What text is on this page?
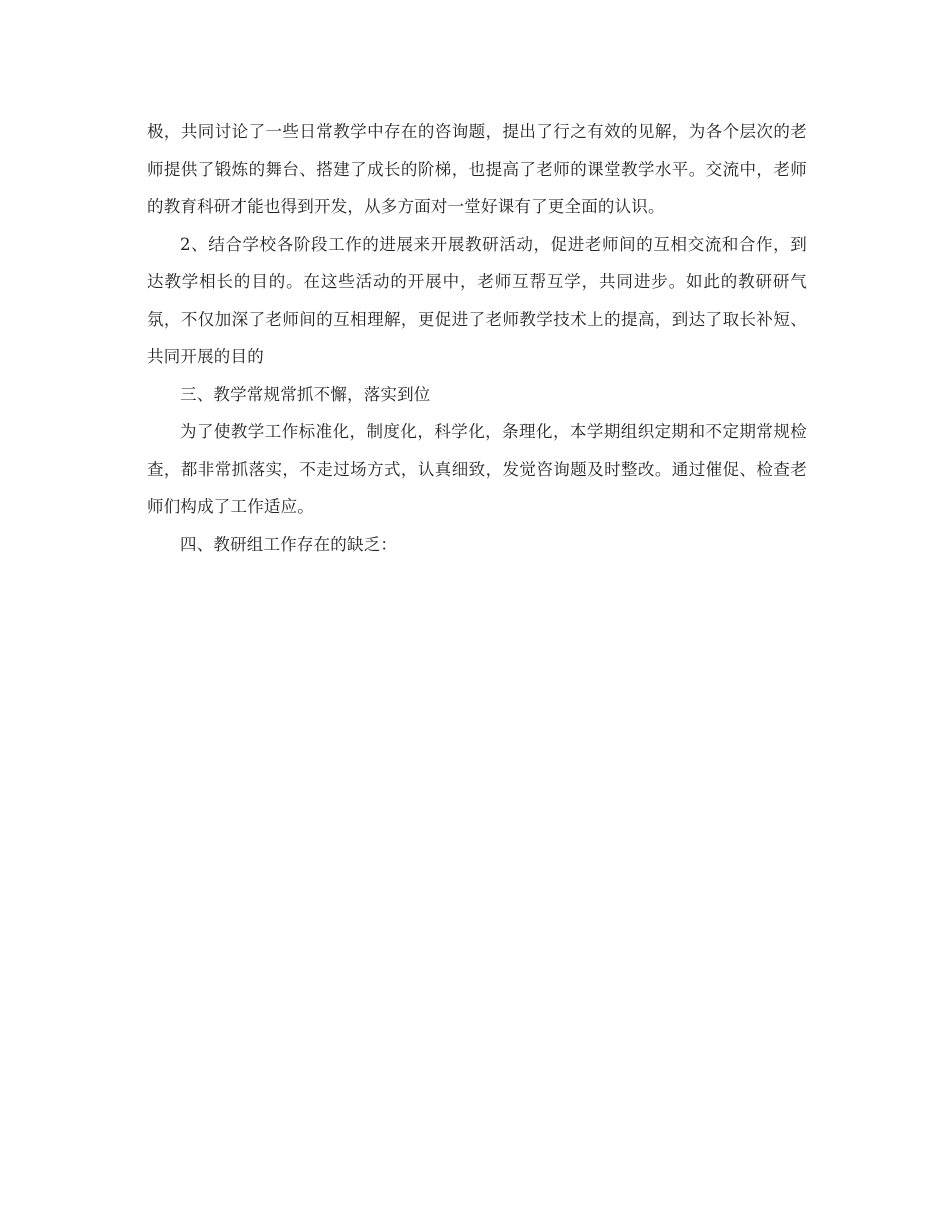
极，共同讨论了一些日常教学中存在的咨询题，提出了行之有效的见解，为各个层次的老师提供了锻炼的舞台、搭建了成长的阶梯，也提高了老师的课堂教学水平。交流中，老师的教育科研才能也得到开发，从多方面对一堂好课有了更全面的认识。

2、结合学校各阶段工作的进展来开展教研活动，促进老师间的互相交流和合作，到达教学相长的目的。在这些活动的开展中，老师互帮互学，共同进步。如此的教研研气氛，不仅加深了老师间的互相理解，更促进了老师教学技术上的提高，到达了取长补短、共同开展的目的

三、教学常规常抓不懈，落实到位

为了使教学工作标准化，制度化，科学化，条理化，本学期组织定期和不定期常规检查，都非常抓落实，不走过场方式，认真细致，发觉咨询题及时整改。通过催促、检查老师们构成了工作适应。

四、教研组工作存在的缺乏：
